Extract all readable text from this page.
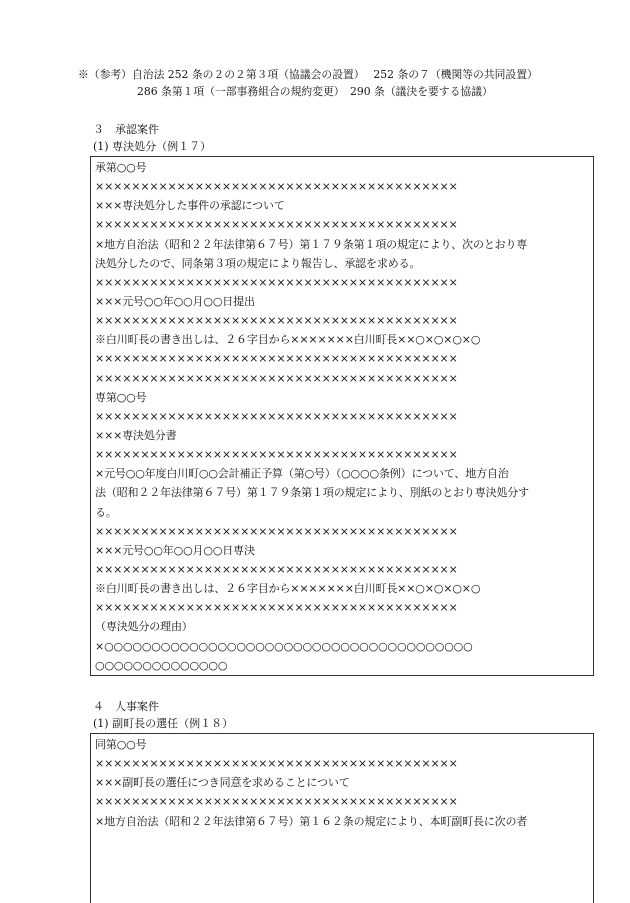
※（参考）自治法 252 条の２の２第３項（協議会の設置）　 252 条の７（機関等の共同設置）
286 条第１項（一部事務組合の規約変更）　290 条（議決を要する協議）
３　承認案件
(1) 専決処分（例１７）
承第○○号
××××××××××××××××××××××××××××××××××××××××
×××専決処分した事件の承認について
××××××××××××××××××××××××××××××××××××××××
×地方自治法（昭和２２年法律第６７号）第１７９条第１項の規定により、次のとおり専
決処分したので、同条第３項の規定により報告し、承認を求める。
××××××××××××××××××××××××××××××××××××××××
×××元号○○年○○月○○日提出
××××××××××××××××××××××××××××××××××××××××
※白川町長の書き出しは、２６字目から×××××××白川町長××○×○×○×○
××××××××××××××××××××××××××××××××××××××××
××××××××××××××××××××××××××××××××××××××××
専第○○号
××××××××××××××××××××××××××××××××××××××××
×××専決処分書
××××××××××××××××××××××××××××××××××××××××
×元号○○年度白川町○○会計補正予算（第○号）（○○○○条例）について、地方自治
法（昭和２２年法律第６７号）第１７９条第１項の規定により、別紙のとおり専決処分す
る。
××××××××××××××××××××××××××××××××××××××××
×××元号○○年○○月○○日専決
××××××××××××××××××××××××××××××××××××××××
※白川町長の書き出しは、２６字目から×××××××白川町長××○×○×○×○
××××××××××××××××××××××××××××××××××××××××
（専決処分の理由）
×○○○○○○○○○○○○○○○○○○○○○○○○○○○○○○○○○○○○○○○
○○○○○○○○○○○○○○
４　人事案件
(1) 副町長の選任（例１８）
同第○○号
××××××××××××××××××××××××××××××××××××××××
×××副町長の選任につき同意を求めることについて
××××××××××××××××××××××××××××××××××××××××
×地方自治法（昭和２２年法律第６７号）第１６２条の規定により、本町副町長に次の者
